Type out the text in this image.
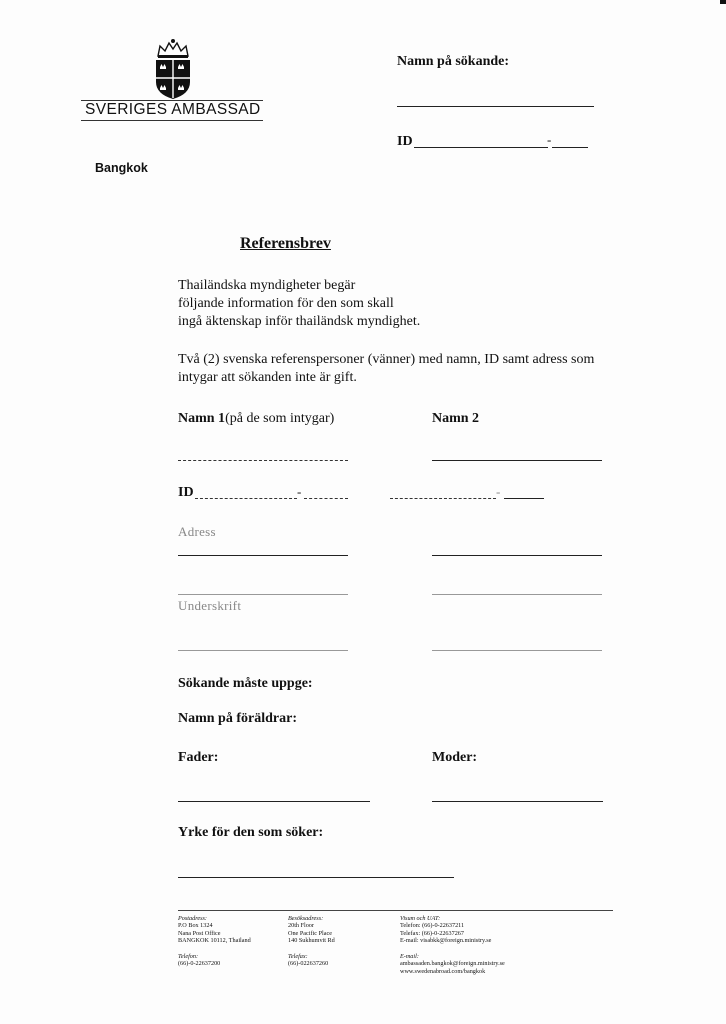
SVERIGES AMBASSAD
Bangkok
Namn på sökande:
ID	-
Referensbrev
Thailändska myndigheter begär
följande information för den som skall
ingå äktenskap inför thailändsk myndighet.
Två (2) svenska referenspersoner (vänner) med namn, ID samt adress som
intygar att sökanden inte är gift.
Namn 1(på de som intygar)	Namn 2
ID	-	-
Adress
Underskrift
Sökande måste uppge:
Namn på föräldrar:
Fader:	Moder:
Yrke för den som söker:
Postadress:
P.O Box 1324
Nana Post Office
BANGKOK 10112, Thailand
Besöksadress:
20th Floor
One Pacific Place
140 Sukhumvit Rd
Visum och UAT:
Telefon: (66)-0-22637211
Telefax: (66)-0-22637267
E-mail: visabkk@foreign.ministry.se
Telefon:
(66)-0-22637200
Telefax:
(66)-022637260
E-mail:
ambassaden.bangkok@foreign.ministry.se
www.swedenabroad.com/bangkok
